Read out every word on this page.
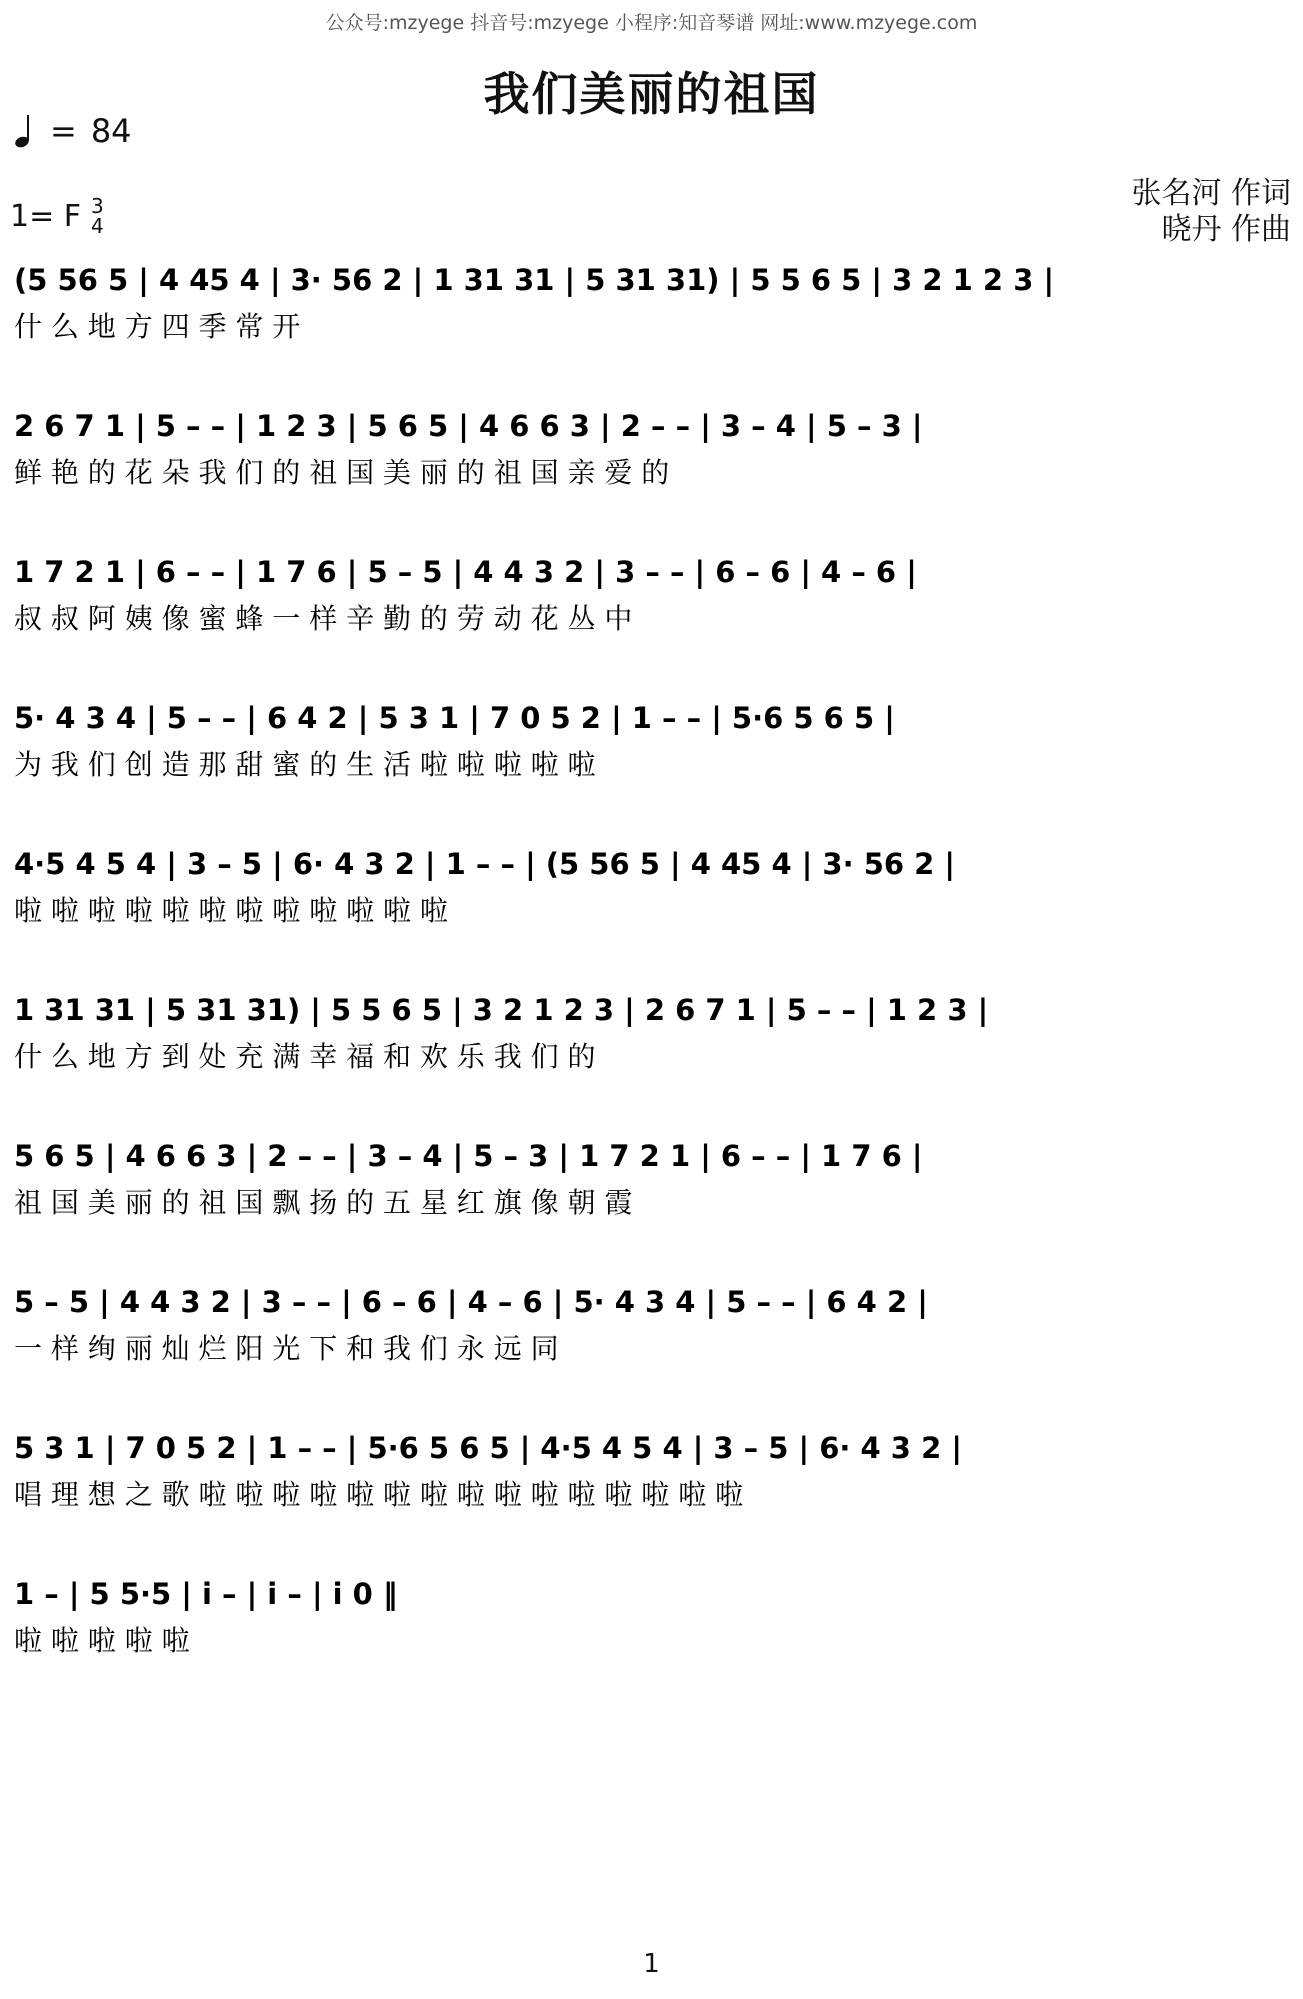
公众号:mzyege 抖音号:mzyege 小程序:知音琴谱 网址:www.mzyege.com
我们美丽的祖国
= 84
1= F 3
4
张名河 作词
晓丹 作曲
(5 56 5 | 4 45 4 | 3· 56 2 | 1 31 31 | 5 31 31) | 5 5 6 5 | 3 2 1 2 3 |
什 么 地 方 四 季 常 开
2 6 7 1 | 5 – – | 1 2 3 | 5 6 5 | 4 6 6 3 | 2 – – | 3 – 4 | 5 – 3 |
鲜 艳 的 花 朵 我 们 的 祖 国 美 丽 的 祖 国 亲 爱 的
1 7 2 1 | 6 – – | 1 7 6 | 5 – 5 | 4 4 3 2 | 3 – – | 6 – 6 | 4 – 6 |
叔 叔 阿 姨 像 蜜 蜂 一 样 辛 勤 的 劳 动 花 丛 中
5· 4 3 4 | 5 – – | 6 4 2 | 5 3 1 | 7 0 5 2 | 1 – – | 5·6 5 6 5 |
为 我 们 创 造 那 甜 蜜 的 生 活 啦 啦 啦 啦 啦
4·5 4 5 4 | 3 – 5 | 6· 4 3 2 | 1 – – | (5 56 5 | 4 45 4 | 3· 56 2 |
啦 啦 啦 啦 啦 啦 啦 啦 啦 啦 啦 啦
1 31 31 | 5 31 31) | 5 5 6 5 | 3 2 1 2 3 | 2 6 7 1 | 5 – – | 1 2 3 |
什 么 地 方 到 处 充 满 幸 福 和 欢 乐 我 们 的
5 6 5 | 4 6 6 3 | 2 – – | 3 – 4 | 5 – 3 | 1 7 2 1 | 6 – – | 1 7 6 |
祖 国 美 丽 的 祖 国 飘 扬 的 五 星 红 旗 像 朝 霞
5 – 5 | 4 4 3 2 | 3 – – | 6 – 6 | 4 – 6 | 5· 4 3 4 | 5 – – | 6 4 2 |
一 样 绚 丽 灿 烂 阳 光 下 和 我 们 永 远 同
5 3 1 | 7 0 5 2 | 1 – – | 5·6 5 6 5 | 4·5 4 5 4 | 3 – 5 | 6· 4 3 2 |
唱 理 想 之 歌 啦 啦 啦 啦 啦 啦 啦 啦 啦 啦 啦 啦 啦 啦 啦
1 – | 5 5·5 | i – | i – | i 0 ‖
啦 啦 啦 啦 啦
1
